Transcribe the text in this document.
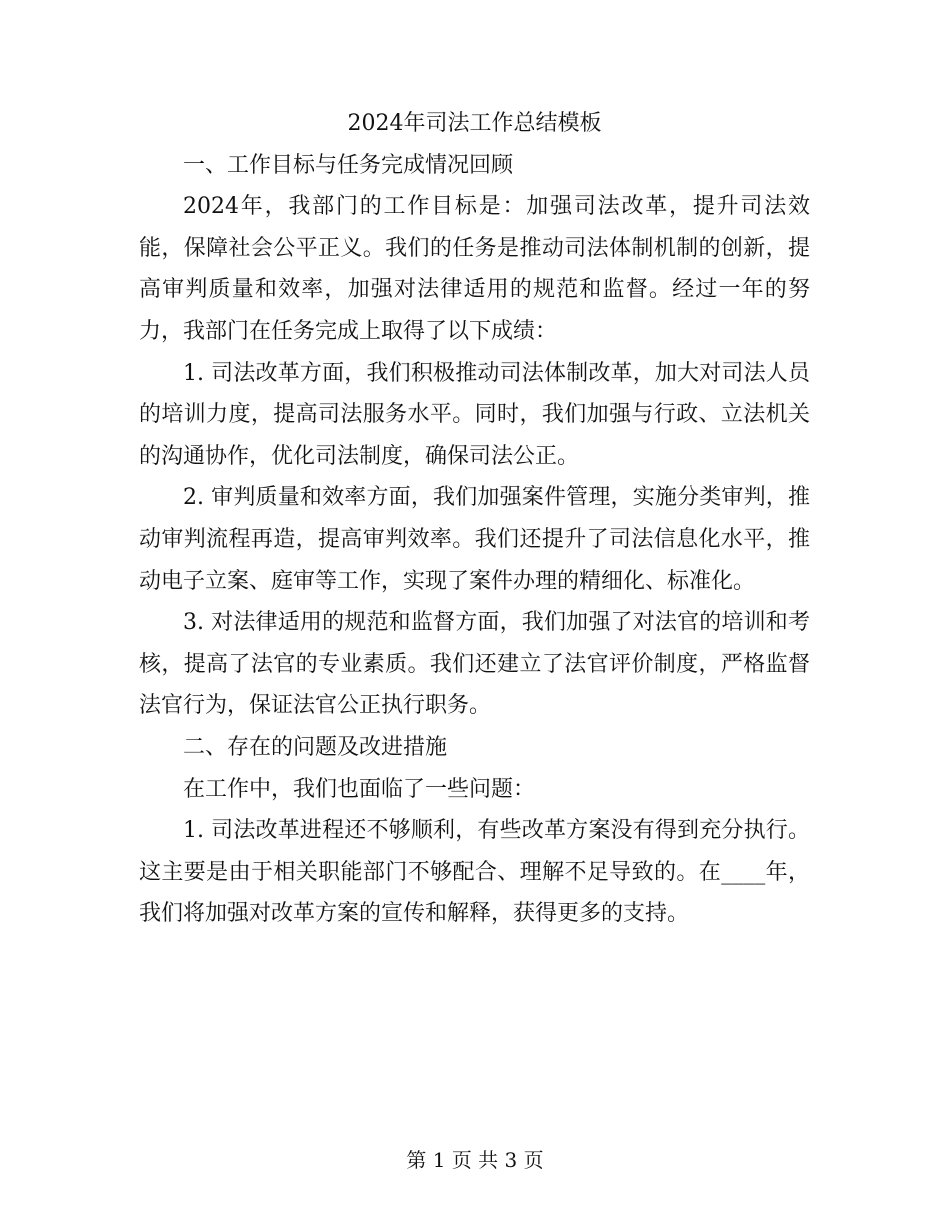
2024年司法工作总结模板

一、工作目标与任务完成情况回顾

2024年，我部门的工作目标是：加强司法改革，提升司法效能，保障社会公平正义。我们的任务是推动司法体制机制的创新，提高审判质量和效率，加强对法律适用的规范和监督。经过一年的努力，我部门在任务完成上取得了以下成绩：

1. 司法改革方面，我们积极推动司法体制改革，加大对司法人员的培训力度，提高司法服务水平。同时，我们加强与行政、立法机关的沟通协作，优化司法制度，确保司法公正。

2. 审判质量和效率方面，我们加强案件管理，实施分类审判，推动审判流程再造，提高审判效率。我们还提升了司法信息化水平，推动电子立案、庭审等工作，实现了案件办理的精细化、标准化。

3. 对法律适用的规范和监督方面，我们加强了对法官的培训和考核，提高了法官的专业素质。我们还建立了法官评价制度，严格监督法官行为，保证法官公正执行职务。

二、存在的问题及改进措施

在工作中，我们也面临了一些问题：

1. 司法改革进程还不够顺利，有些改革方案没有得到充分执行。这主要是由于相关职能部门不够配合、理解不足导致的。在____年，我们将加强对改革方案的宣传和解释，获得更多的支持。

第 1 页 共 3 页
